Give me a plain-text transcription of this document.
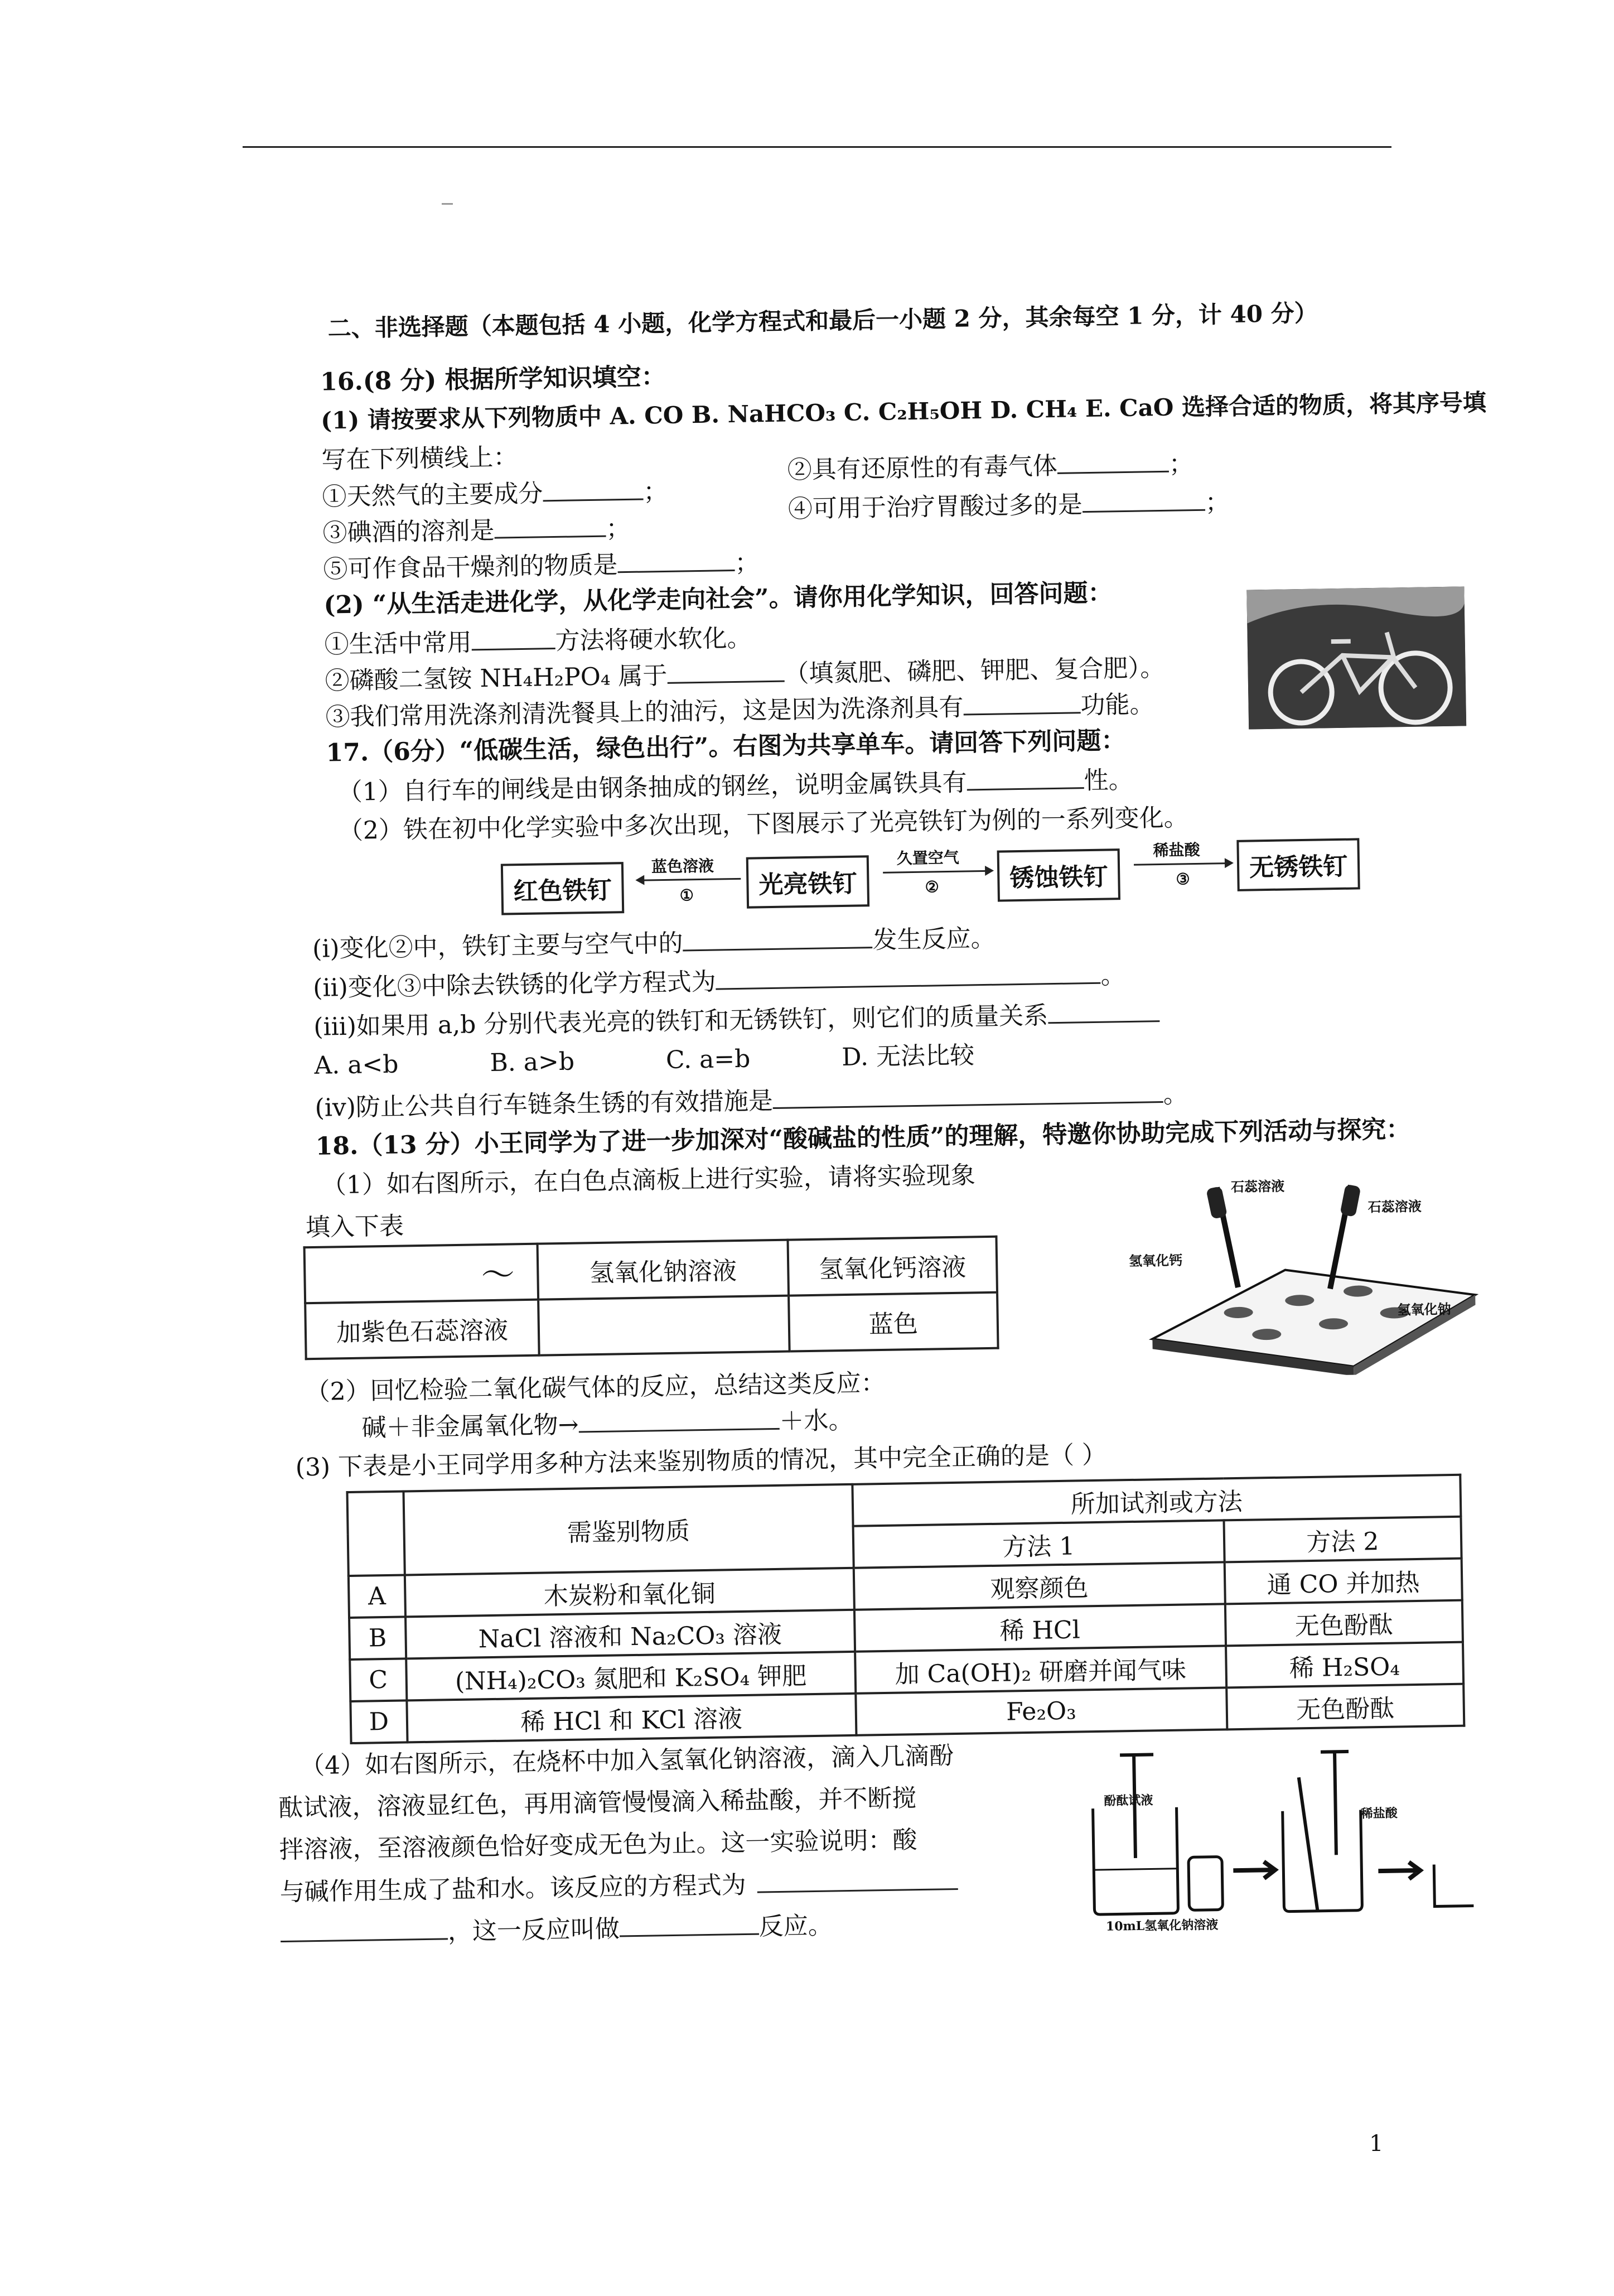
二、非选择题（本题包括 4 小题，化学方程式和最后一小题 2 分，其余每空 1 分，计 40 分）
16.(8 分) 根据所学知识填空：
(1) 请按要求从下列物质中 A. CO B. NaHCO₃ C. C₂H₅OH D. CH₄ E. CaO 选择合适的物质，将其序号填
写在下列横线上：
①天然气的主要成分	；
②具有还原性的有毒气体	；
③碘酒的溶剂是	；
④可用于治疗胃酸过多的是	；
⑤可作食品干燥剂的物质是	；
(2) “从生活走进化学，从化学走向社会”。请你用化学知识，回答问题：
①生活中常用	方法将硬水软化。
②磷酸二氢铵 NH₄H₂PO₄ 属于	（填氮肥、磷肥、钾肥、复合肥）。
③我们常用洗涤剂清洗餐具上的油污，这是因为洗涤剂具有	功能。
17.（6分）“低碳生活，绿色出行”。右图为共享单车。请回答下列问题：
（1）自行车的闸线是由钢条抽成的钢丝，说明金属铁具有	性。
（2）铁在初中化学实验中多次出现，下图展示了光亮铁钉为例的一系列变化。
红色铁钉
蓝色溶液
①	光亮铁钉
久置空气
②	锈蚀铁钉
稀盐酸
③	无锈铁钉
(i)变化②中，铁钉主要与空气中的	发生反应。
(ii)变化③中除去铁锈的化学方程式为	。
(iii)如果用 a,b 分别代表光亮的铁钉和无锈铁钉，则它们的质量关系
A. a<b	B. a>b	C. a=b	D. 无法比较
(iv)防止公共自行车链条生锈的有效措施是	。
18.（13 分）小王同学为了进一步加深对“酸碱盐的性质”的理解，特邀你协助完成下列活动与探究：
（1）如右图所示，在白色点滴板上进行实验，请将实验现象
填入下表
～	氢氧化钠溶液	氢氧化钙溶液
加紫色石蕊溶液		蓝色
石蕊溶液
石蕊溶液
氢氧化钙
氢氧化钠
（2）回忆检验二氧化碳气体的反应，总结这类反应：
碱＋非金属氧化物→	＋水。
(3) 下表是小王同学用多种方法来鉴别物质的情况，其中完全正确的是（ ）
	需鉴别物质	所加试剂或方法	
		方法 1	方法 2
A	木炭粉和氧化铜	观察颜色	通 CO 并加热
B	NaCl 溶液和 Na₂CO₃ 溶液	稀 HCl	无色酚酞
C	(NH₄)₂CO₃ 氮肥和 K₂SO₄ 钾肥	加 Ca(OH)₂ 研磨并闻气味	稀 H₂SO₄
D	稀 HCl 和 KCl 溶液	Fe₂O₃	无色酚酞
（4）如右图所示，在烧杯中加入氢氧化钠溶液，滴入几滴酚
酞试液，溶液显红色，再用滴管慢慢滴入稀盐酸，并不断搅
拌溶液，至溶液颜色恰好变成无色为止。这一实验说明：酸
与碱作用生成了盐和水。该反应的方程式为
，这一反应叫做	反应。
酚酞试液
稀盐酸
10mL氢氧化钠溶液
1
